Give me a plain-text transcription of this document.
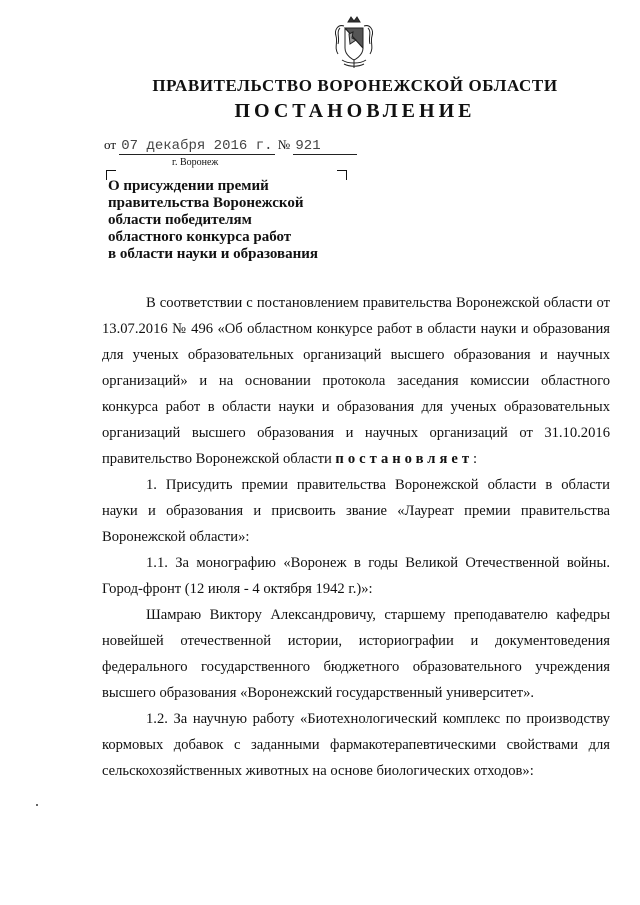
ПРАВИТЕЛЬСТВО ВОРОНЕЖСКОЙ ОБЛАСТИ
ПОСТАНОВЛЕНИЕ
от 07 декабря 2016 г. № 921
г. Воронеж
О присуждении премий
правительства Воронежской
области победителям
областного конкурса работ
в области науки и образования

В соответствии с постановлением правительства Воронежской области от 13.07.2016 № 496 «Об областном конкурсе работ в области науки и образования для ученых образовательных организаций высшего образования и научных организаций» и на основании протокола заседания комиссии областного конкурса работ в области науки и образования для ученых образовательных организаций высшего образования и научных организаций от 31.10.2016 правительство Воронежской области постановляет:

1. Присудить премии правительства Воронежской области в области науки и образования и присвоить звание «Лауреат премии правительства Воронежской области»:

1.1. За монографию «Воронеж в годы Великой Отечественной войны. Город-фронт (12 июля - 4 октября 1942 г.)»:

Шамраю Виктору Александровичу, старшему преподавателю кафедры новейшей отечественной истории, историографии и документоведения федерального государственного бюджетного образовательного учреждения высшего образования «Воронежский государственный университет».

1.2. За научную работу «Биотехнологический комплекс по производству кормовых добавок с заданными фармакотерапевтическими свойствами для сельскохозяйственных животных на основе биологических отходов»:
